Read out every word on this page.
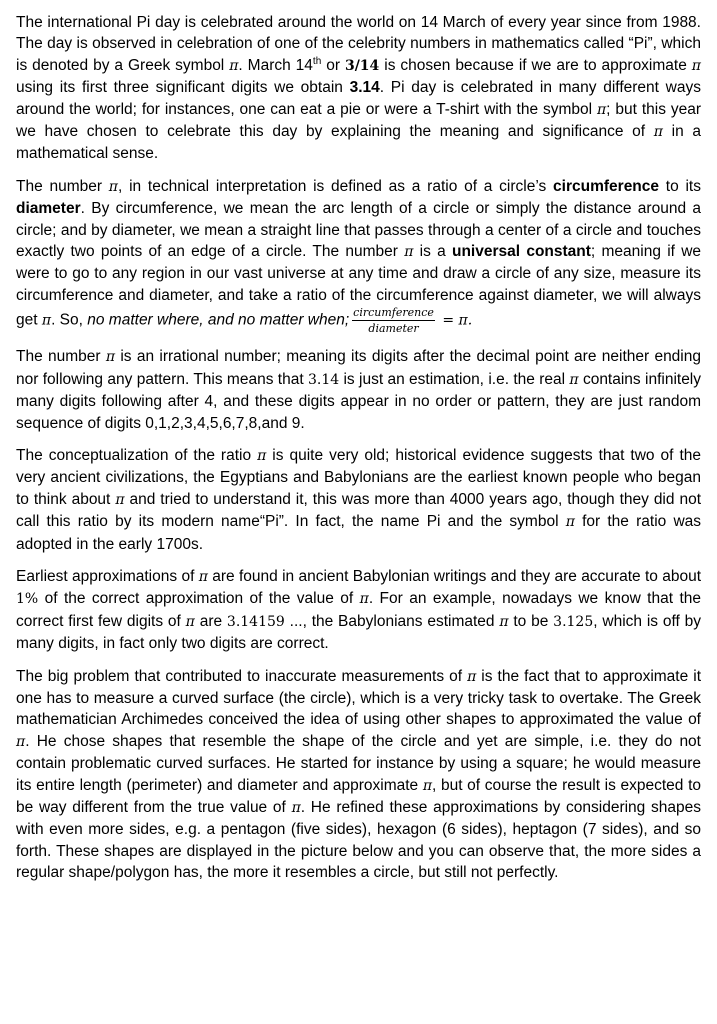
The international Pi day is celebrated around the world on 14 March of every year since from 1988. The day is observed in celebration of one of the celebrity numbers in mathematics called “Pi”, which is denoted by a Greek symbol π. March 14th or 3/14 is chosen because if we are to approximate π using its first three significant digits we obtain 3.14. Pi day is celebrated in many different ways around the world; for instances, one can eat a pie or were a T-shirt with the symbol π; but this year we have chosen to celebrate this day by explaining the meaning and significance of π in a mathematical sense.

The number π, in technical interpretation is defined as a ratio of a circle’s circumference to its diameter. By circumference, we mean the arc length of a circle or simply the distance around a circle; and by diameter, we mean a straight line that passes through a center of a circle and touches exactly two points of an edge of a circle. The number π is a universal constant; meaning if we were to go to any region in our vast universe at any time and draw a circle of any size, measure its circumference and diameter, and take a ratio of the circumference against diameter, we will always get π. So, no matter where, and no matter when; $\frac{\text{circumference}}{\text{diameter}} = \pi$.

The number π is an irrational number; meaning its digits after the decimal point are neither ending nor following any pattern. This means that 3.14 is just an estimation, i.e. the real π contains infinitely many digits following after 4, and these digits appear in no order or pattern, they are just random sequence of digits 0,1,2,3,4,5,6,7,8,and 9.

The conceptualization of the ratio π is quite very old; historical evidence suggests that two of the very ancient civilizations, the Egyptians and Babylonians are the earliest known people who began to think about π and tried to understand it, this was more than 4000 years ago, though they did not call this ratio by its modern name“Pi”. In fact, the name Pi and the symbol π for the ratio was adopted in the early 1700s.

Earliest approximations of π are found in ancient Babylonian writings and they are accurate to about 1% of the correct approximation of the value of π. For an example, nowadays we know that the correct first few digits of π are 3.14159 ..., the Babylonians estimated π to be 3.125, which is off by many digits, in fact only two digits are correct.

The big problem that contributed to inaccurate measurements of π is the fact that to approximate it one has to measure a curved surface (the circle), which is a very tricky task to overtake. The Greek mathematician Archimedes conceived the idea of using other shapes to approximated the value of π. He chose shapes that resemble the shape of the circle and yet are simple, i.e. they do not contain problematic curved surfaces. He started for instance by using a square; he would measure its entire length (perimeter) and diameter and approximate π, but of course the result is expected to be way different from the true value of π. He refined these approximations by considering shapes with even more sides, e.g. a pentagon (five sides), hexagon (6 sides), heptagon (7 sides), and so forth. These shapes are displayed in the picture below and you can observe that, the more sides a regular shape/polygon has, the more it resembles a circle, but still not perfectly.
